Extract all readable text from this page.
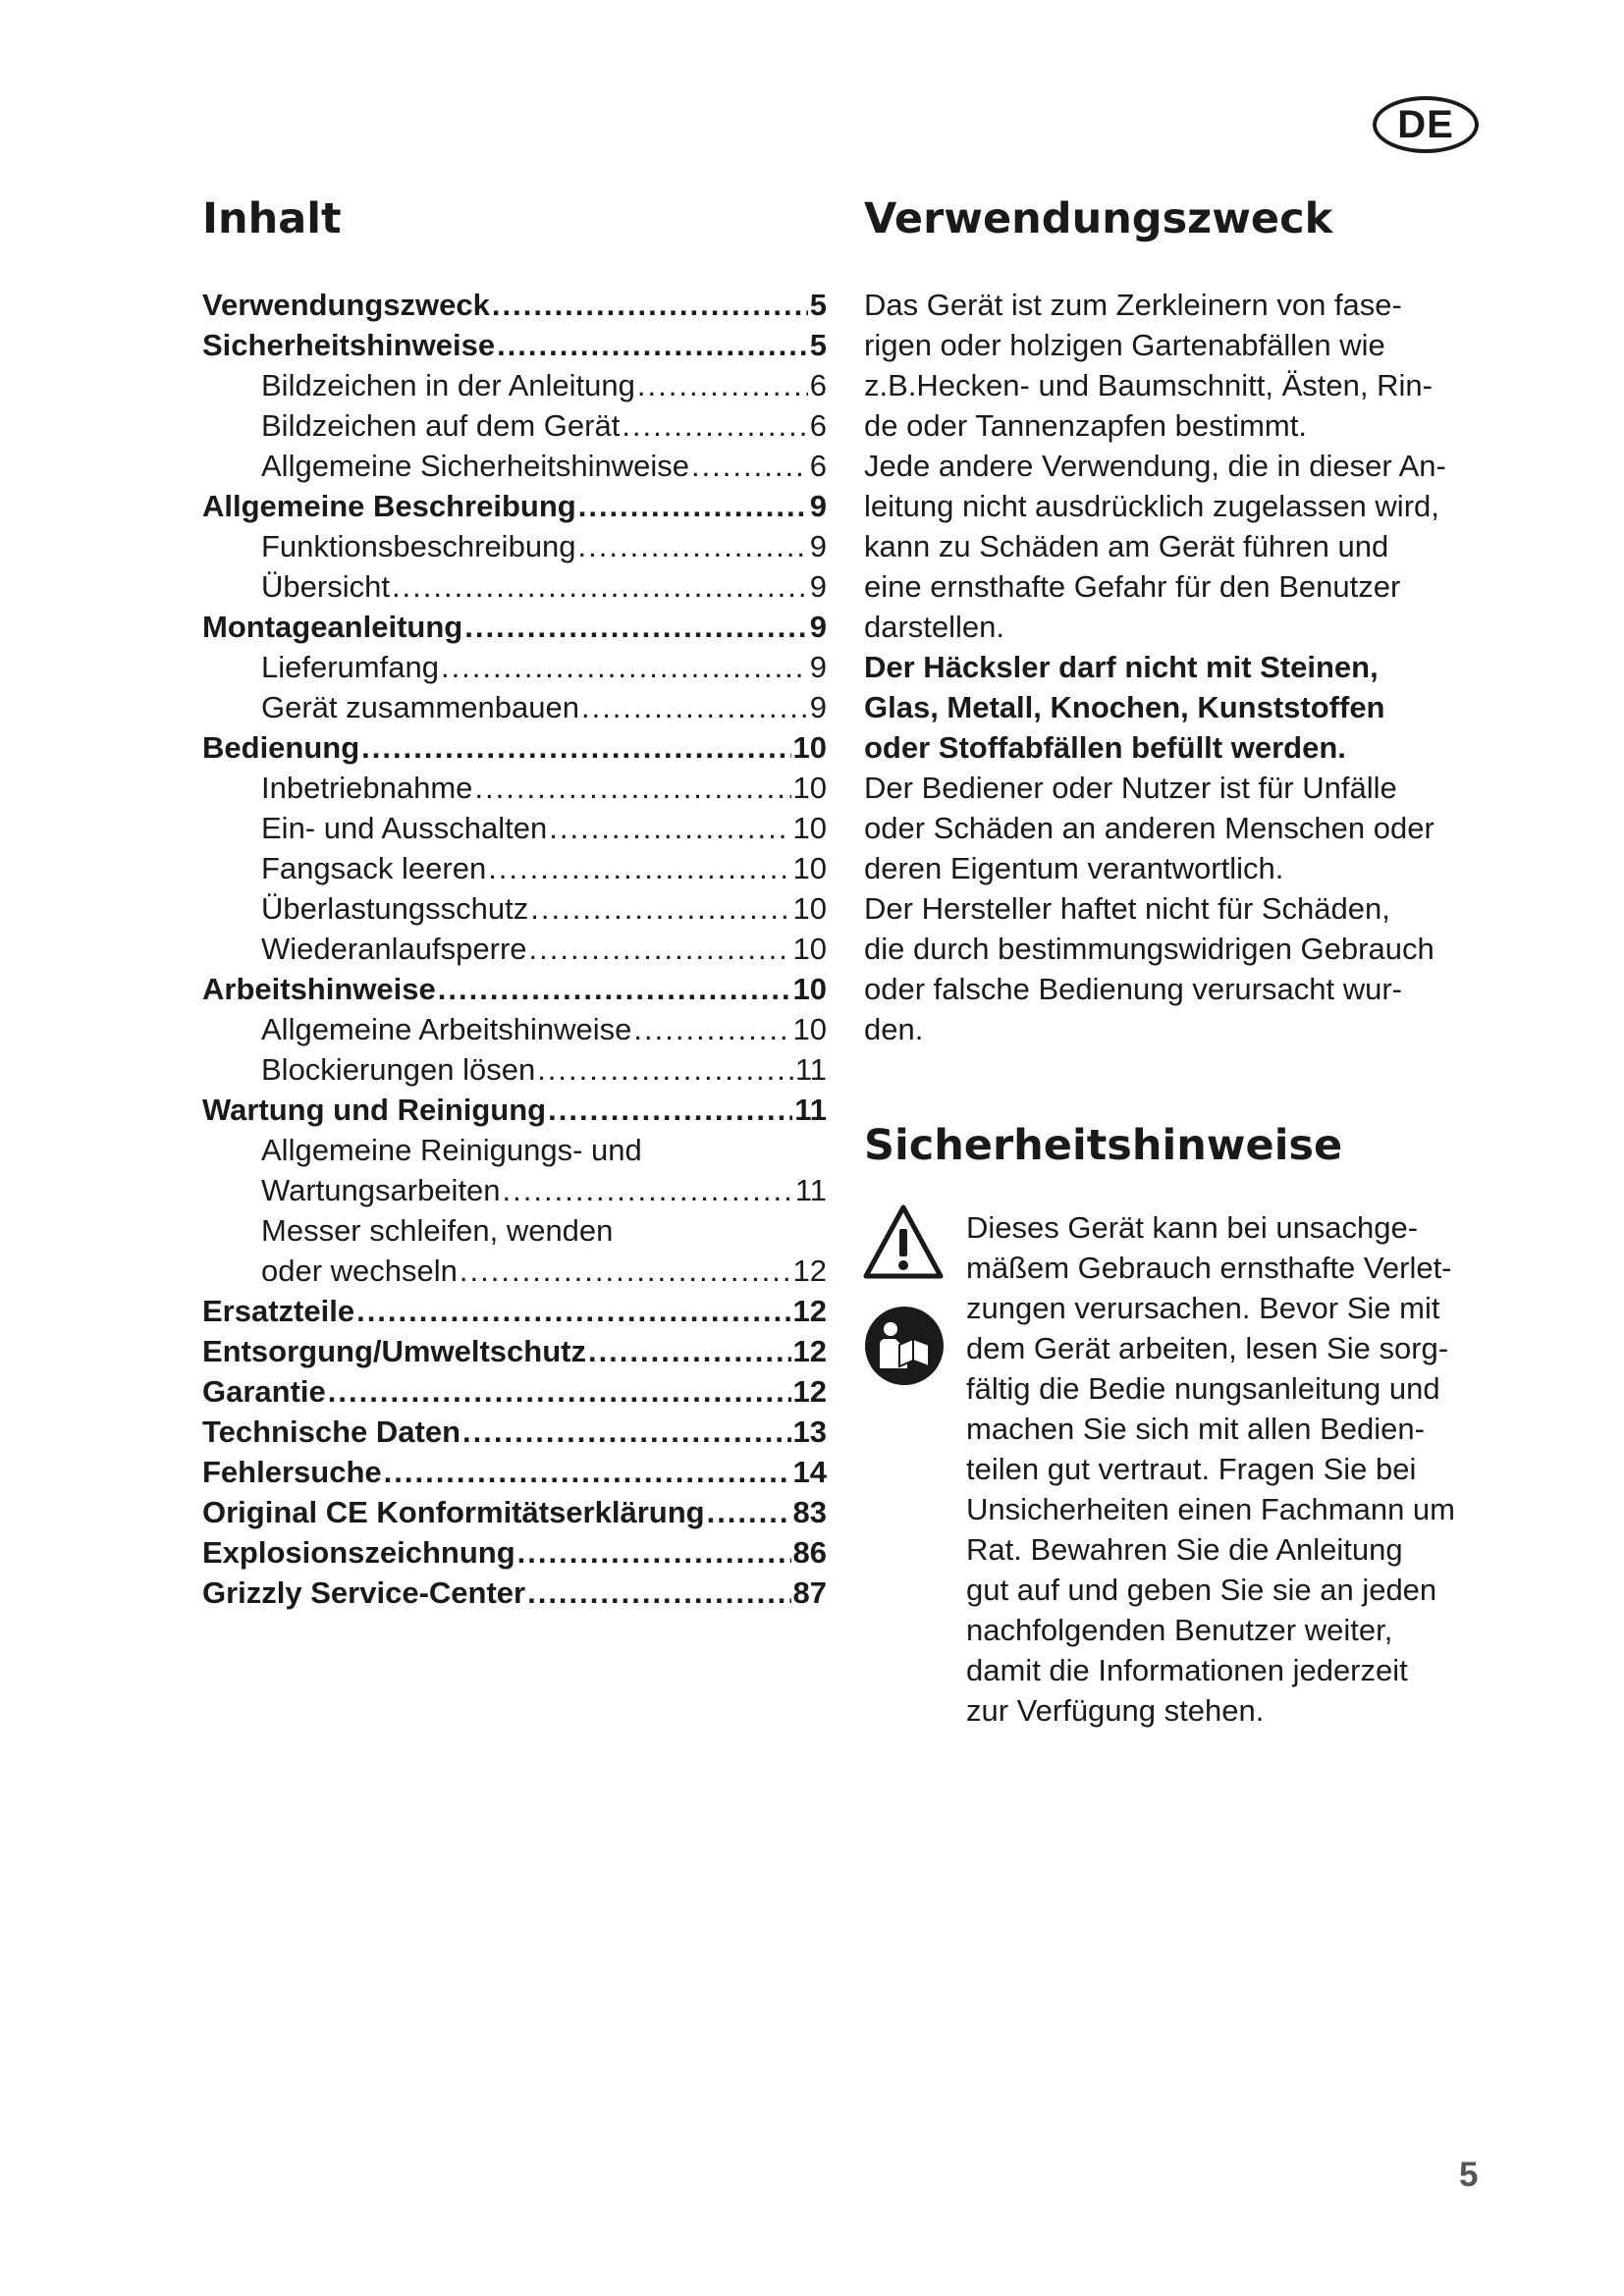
DE
Inhalt
Verwendungszweck .....	5
Sicherheitshinweise .....	5
Bildzeichen in der Anleitung .....	6
Bildzeichen auf dem Gerät .....	6
Allgemeine Sicherheitshinweise .....	6
Allgemeine Beschreibung .....	9
Funktionsbeschreibung .....	9
Übersicht .....	9
Montageanleitung .....	9
Lieferumfang .....	9
Gerät zusammenbauen .....	9
Bedienung .....	10
Inbetriebnahme .....	10
Ein- und Ausschalten .....	10
Fangsack leeren .....	10
Überlastungsschutz .....	10
Wiederanlaufsperre .....	10
Arbeitshinweise .....	10
Allgemeine Arbeitshinweise .....	10
Blockierungen lösen .....	11
Wartung und Reinigung .....	11
Allgemeine Reinigungs- und
Wartungsarbeiten .....	11
Messer schleifen, wenden
oder wechseln .....	12
Ersatzteile .....	12
Entsorgung/Umweltschutz .....	12
Garantie .....	12
Technische Daten .....	13
Fehlersuche .....	14
Original CE Konformitätserklärung .....	83
Explosionszeichnung .....	86
Grizzly Service-Center .....	87
Verwendungszweck

Das Gerät ist zum Zerkleinern von fase-

rigen oder holzigen Gartenabfällen wie

z.B.Hecken- und Baumschnitt, Ästen, Rin-

de oder Tannenzapfen bestimmt.

Jede andere Verwendung, die in dieser An-

leitung nicht ausdrücklich zugelassen wird,

kann zu Schäden am Gerät führen und

eine ernsthafte Gefahr für den Benutzer

darstellen.

Der Häcksler darf nicht mit Steinen,

Glas, Metall, Knochen, Kunststoffen

oder Stoffabfällen befüllt werden.

Der Bediener oder Nutzer ist für Unfälle

oder Schäden an anderen Menschen oder

deren Eigentum verantwortlich.

Der Hersteller haftet nicht für Schäden,

die durch bestimmungswidrigen Gebrauch

oder falsche Bedienung verursacht wur-

den.

Sicherheitshinweise

Dieses Gerät kann bei unsachge-

mäßem Gebrauch ernsthafte Verlet-

zungen verursachen. Bevor Sie mit

dem Gerät arbeiten, lesen Sie sorg-

fältig die Bedie nungsanleitung und

machen Sie sich mit allen Bedien-

teilen gut vertraut. Fragen Sie bei

Unsicherheiten einen Fachmann um

Rat. Bewahren Sie die Anleitung

gut auf und geben Sie sie an jeden

nachfolgenden Benutzer weiter,

damit die Informationen jederzeit

zur Verfügung stehen.

5
